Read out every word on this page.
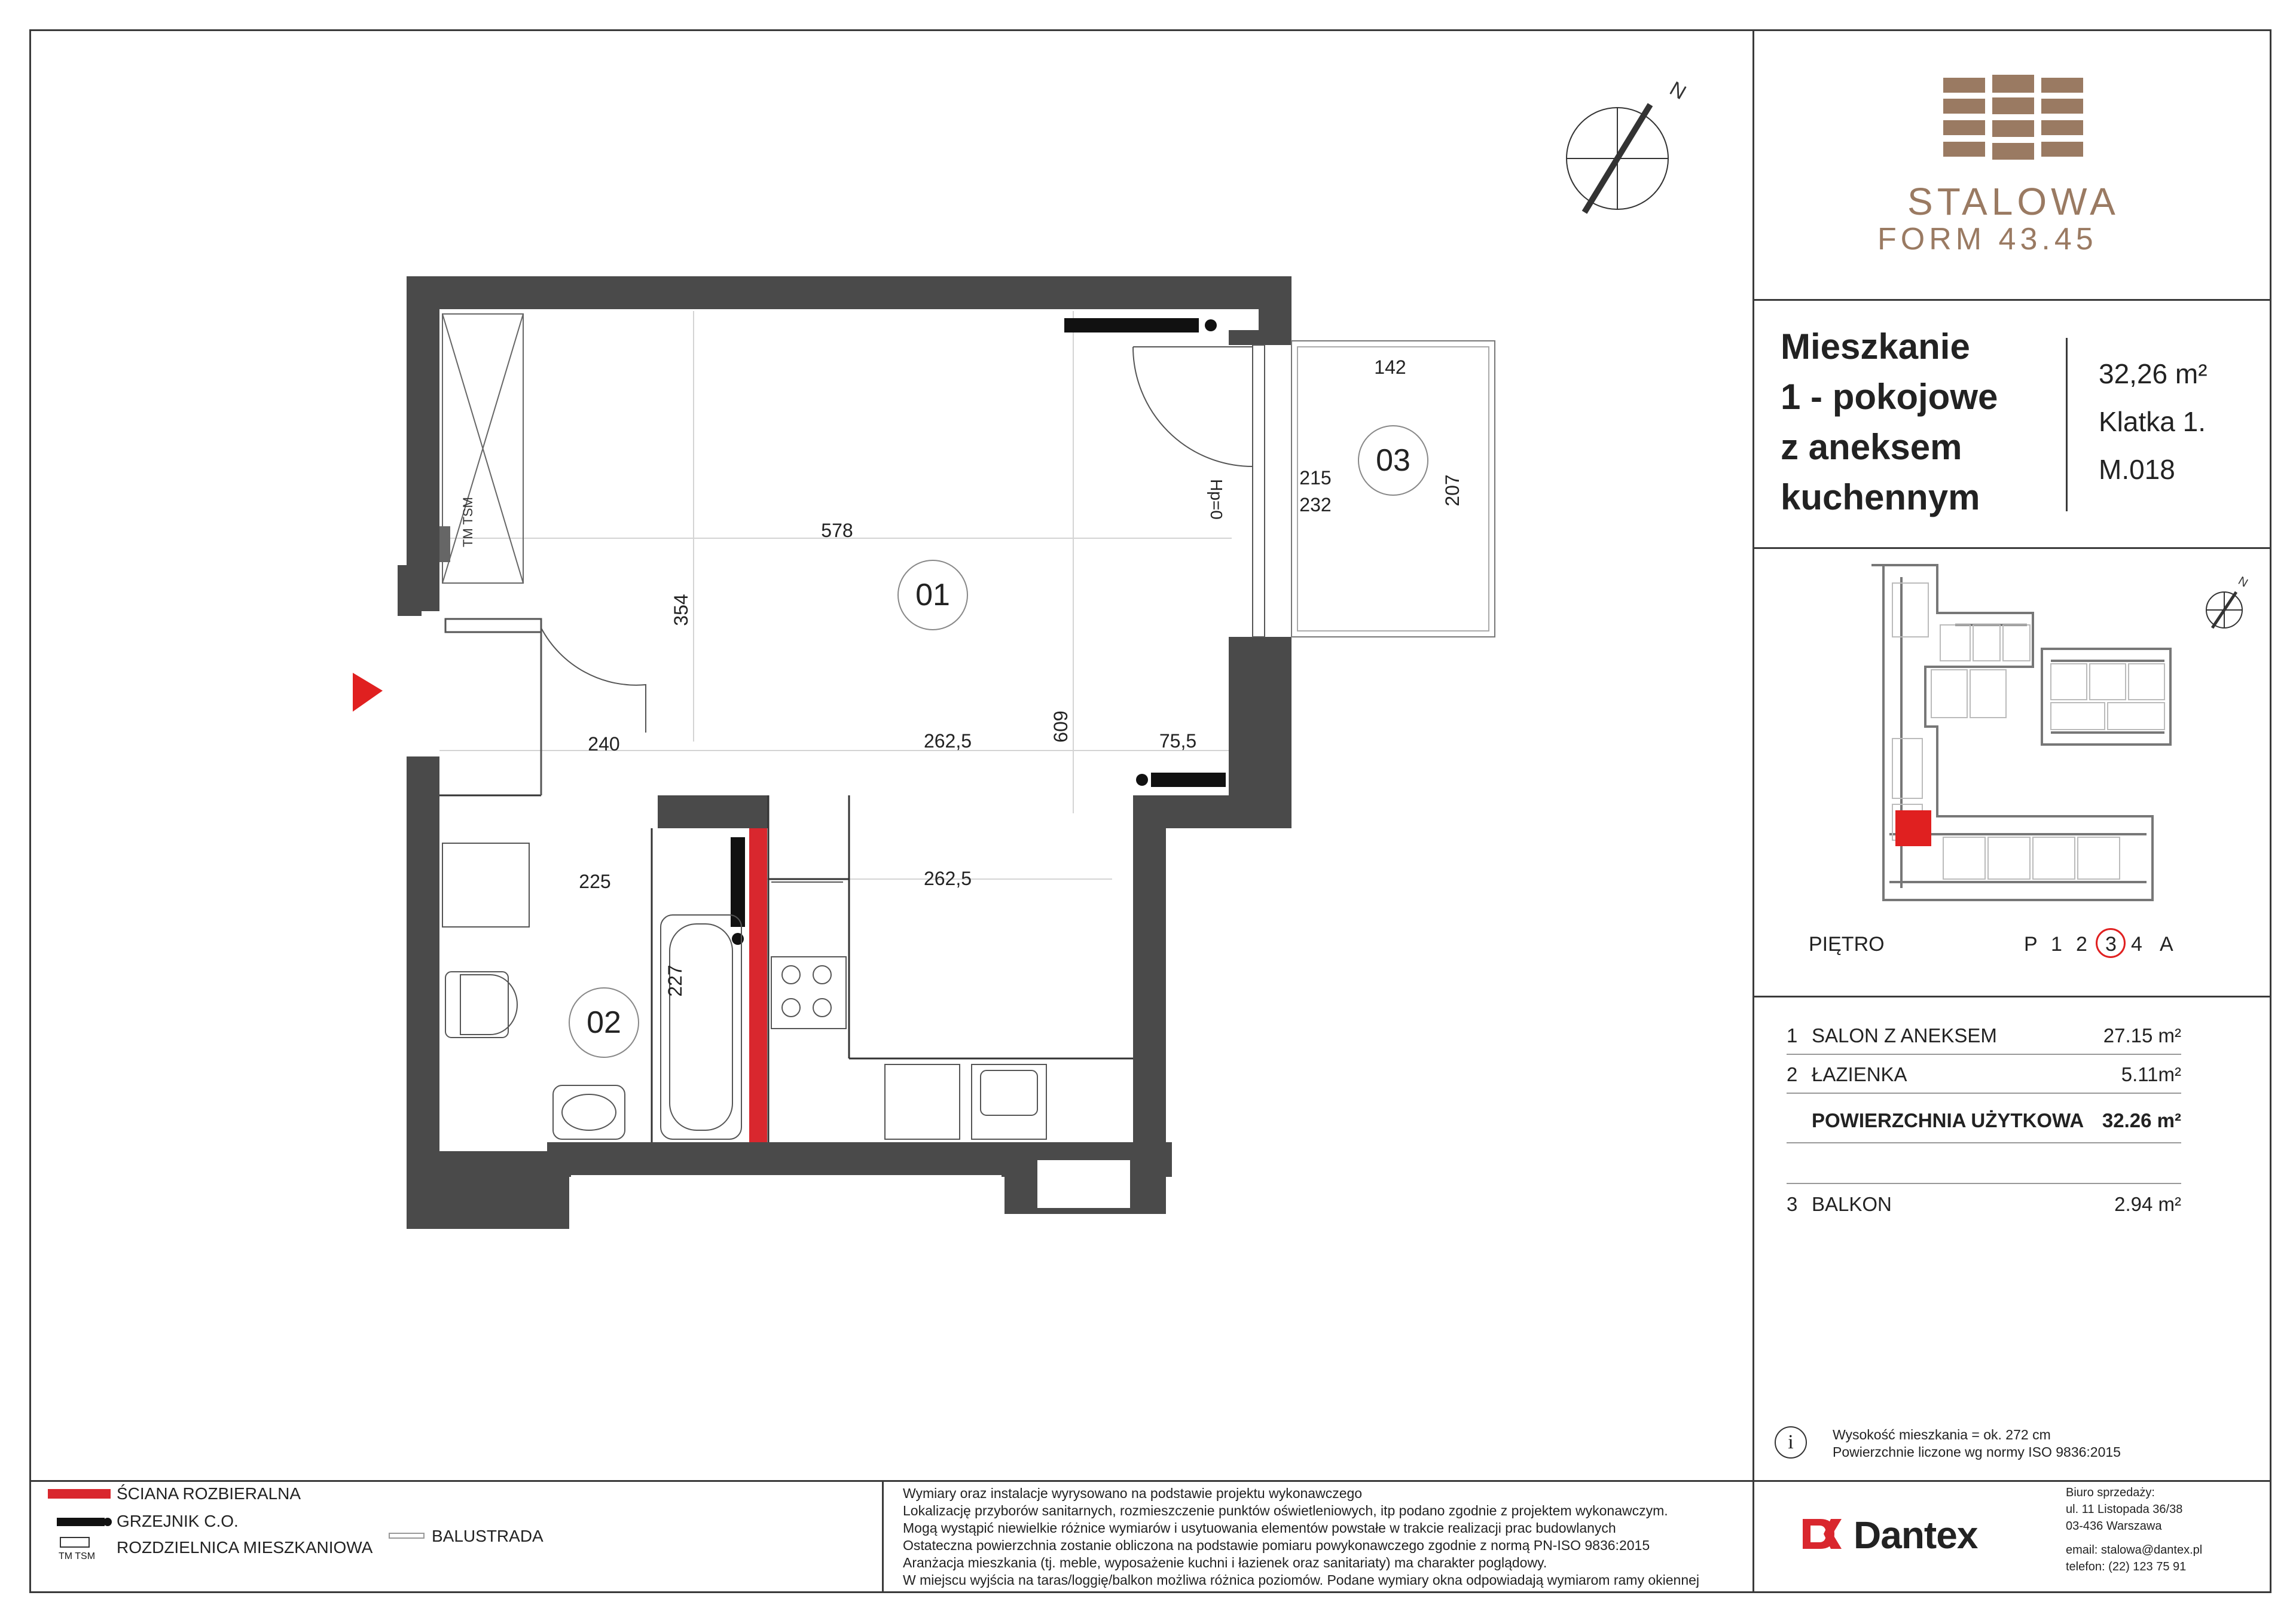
TM TSM
N
01
02
03
578
354
142
215
232	207
240	262,5	609	75,5
225	262,5
227
Hp=0
STALOWA
FORM 43.45
Mieszkanie
1 - pokojowe
z aneksem
kuchennym
32,26 m²
Klatka 1.
M.018
N
PIĘTRO	P 1 2 3 4 A
1 SALON Z ANEKSEM	27.15 m²
2 ŁAZIENKA	5.11m²
POWIERZCHNIA UŻYTKOWA 32.26 m²
3 BALKON	2.94 m²
i	Wysokość mieszkania = ok. 272 cm
Powierzchnie liczone wg normy ISO 9836:2015
ŚCIANA ROZBIERALNA
GRZEJNIK C.O.
TM TSM ROZDZIELNICA MIESZKANIOWA
BALUSTRADA
Wymiary oraz instalacje wyrysowano na podstawie projektu wykonawczego
Lokalizację przyborów sanitarnych, rozmieszczenie punktów oświetleniowych, itp podano zgodnie z projektem wykonawczym.
Mogą wystąpić niewielkie różnice wymiarów i usytuowania elementów powstałe w trakcie realizacji prac budowlanych
Ostateczna powierzchnia zostanie obliczona na podstawie pomiaru powykonawczego zgodnie z normą PN-ISO 9836:2015
Aranżacja mieszkania (tj. meble, wyposażenie kuchni i łazienek oraz sanitariaty) ma charakter poglądowy.
W miejscu wyjścia na taras/loggię/balkon możliwa różnica poziomów. Podane wymiary okna odpowiadają wymiarom ramy okiennej
Dantex
Biuro sprzedaży:
ul. 11 Listopada 36/38
03-436 Warszawa
email: stalowa@dantex.pl
telefon: (22) 123 75 91
